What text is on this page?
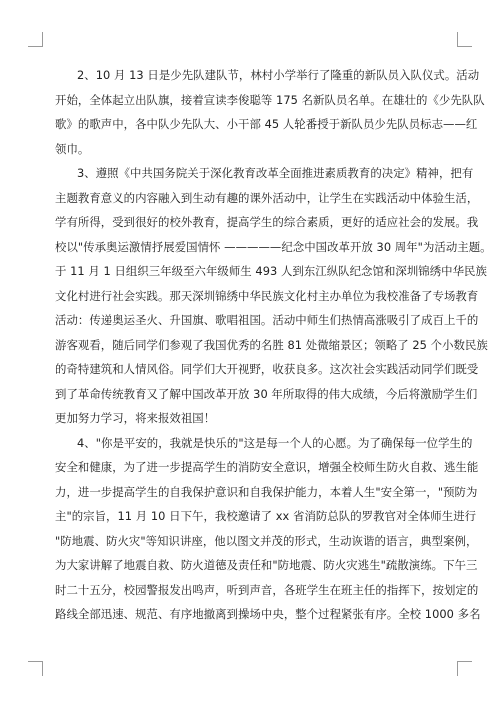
2、10 月 13 日是少先队建队节，林村小学举行了隆重的新队员入队仪式。活动
开始，全体起立出队旗，接着宣读李俊聪等 175 名新队员名单。在雄壮的《少先队队
歌》的歌声中，各中队少先队大、小干部 45 人轮番授于新队员少先队员标志——红
领巾。
3、遵照《中共国务院关于深化教育改革全面推进素质教育的决定》精神，把有
主题教育意义的内容融入到生动有趣的课外活动中，让学生在实践活动中体验生活，
学有所得，受到很好的校外教育，提高学生的综合素质，更好的适应社会的发展。我
校以"传承奥运激情抒展爱国情怀 —————纪念中国改革开放 30 周年"为活动主题。
于 11 月 1 日组织三年级至六年级师生 493 人到东江纵队纪念馆和深圳锦绣中华民族
文化村进行社会实践。那天深圳锦绣中华民族文化村主办单位为我校准备了专场教育
活动：传递奥运圣火、升国旗、歌唱祖国。活动中师生们热情高涨吸引了成百上千的
游客观看，随后同学们参观了我国优秀的名胜 81 处微缩景区；领略了 25 个小数民族
的奇特建筑和人情风俗。同学们大开视野，收获良多。这次社会实践活动同学们既受
到了革命传统教育又了解中国改革开放 30 年所取得的伟大成绩，今后将激励学生们
更加努力学习，将来报效祖国！
4、"你是平安的，我就是快乐的"这是每一个人的心愿。为了确保每一位学生的
安全和健康，为了进一步提高学生的消防安全意识，增强全校师生防火自救、逃生能
力，进一步提高学生的自我保护意识和自我保护能力，本着人生"安全第一，"预防为
主"的宗旨，11 月 10 日下午，我校邀请了 xx 省消防总队的罗教官对全体师生进行
"防地震、防火灾"等知识讲座，他以图文并茂的形式，生动诙谐的语言，典型案例，
为大家讲解了地震自救、防火道德及责任和"防地震、防火灾逃生"疏散演练。下午三
时二十五分，校园警报发出鸣声，听到声音，各班学生在班主任的指挥下，按划定的
路线全部迅速、规范、有序地撤离到操场中央，整个过程紧张有序。全校 1000 多名
